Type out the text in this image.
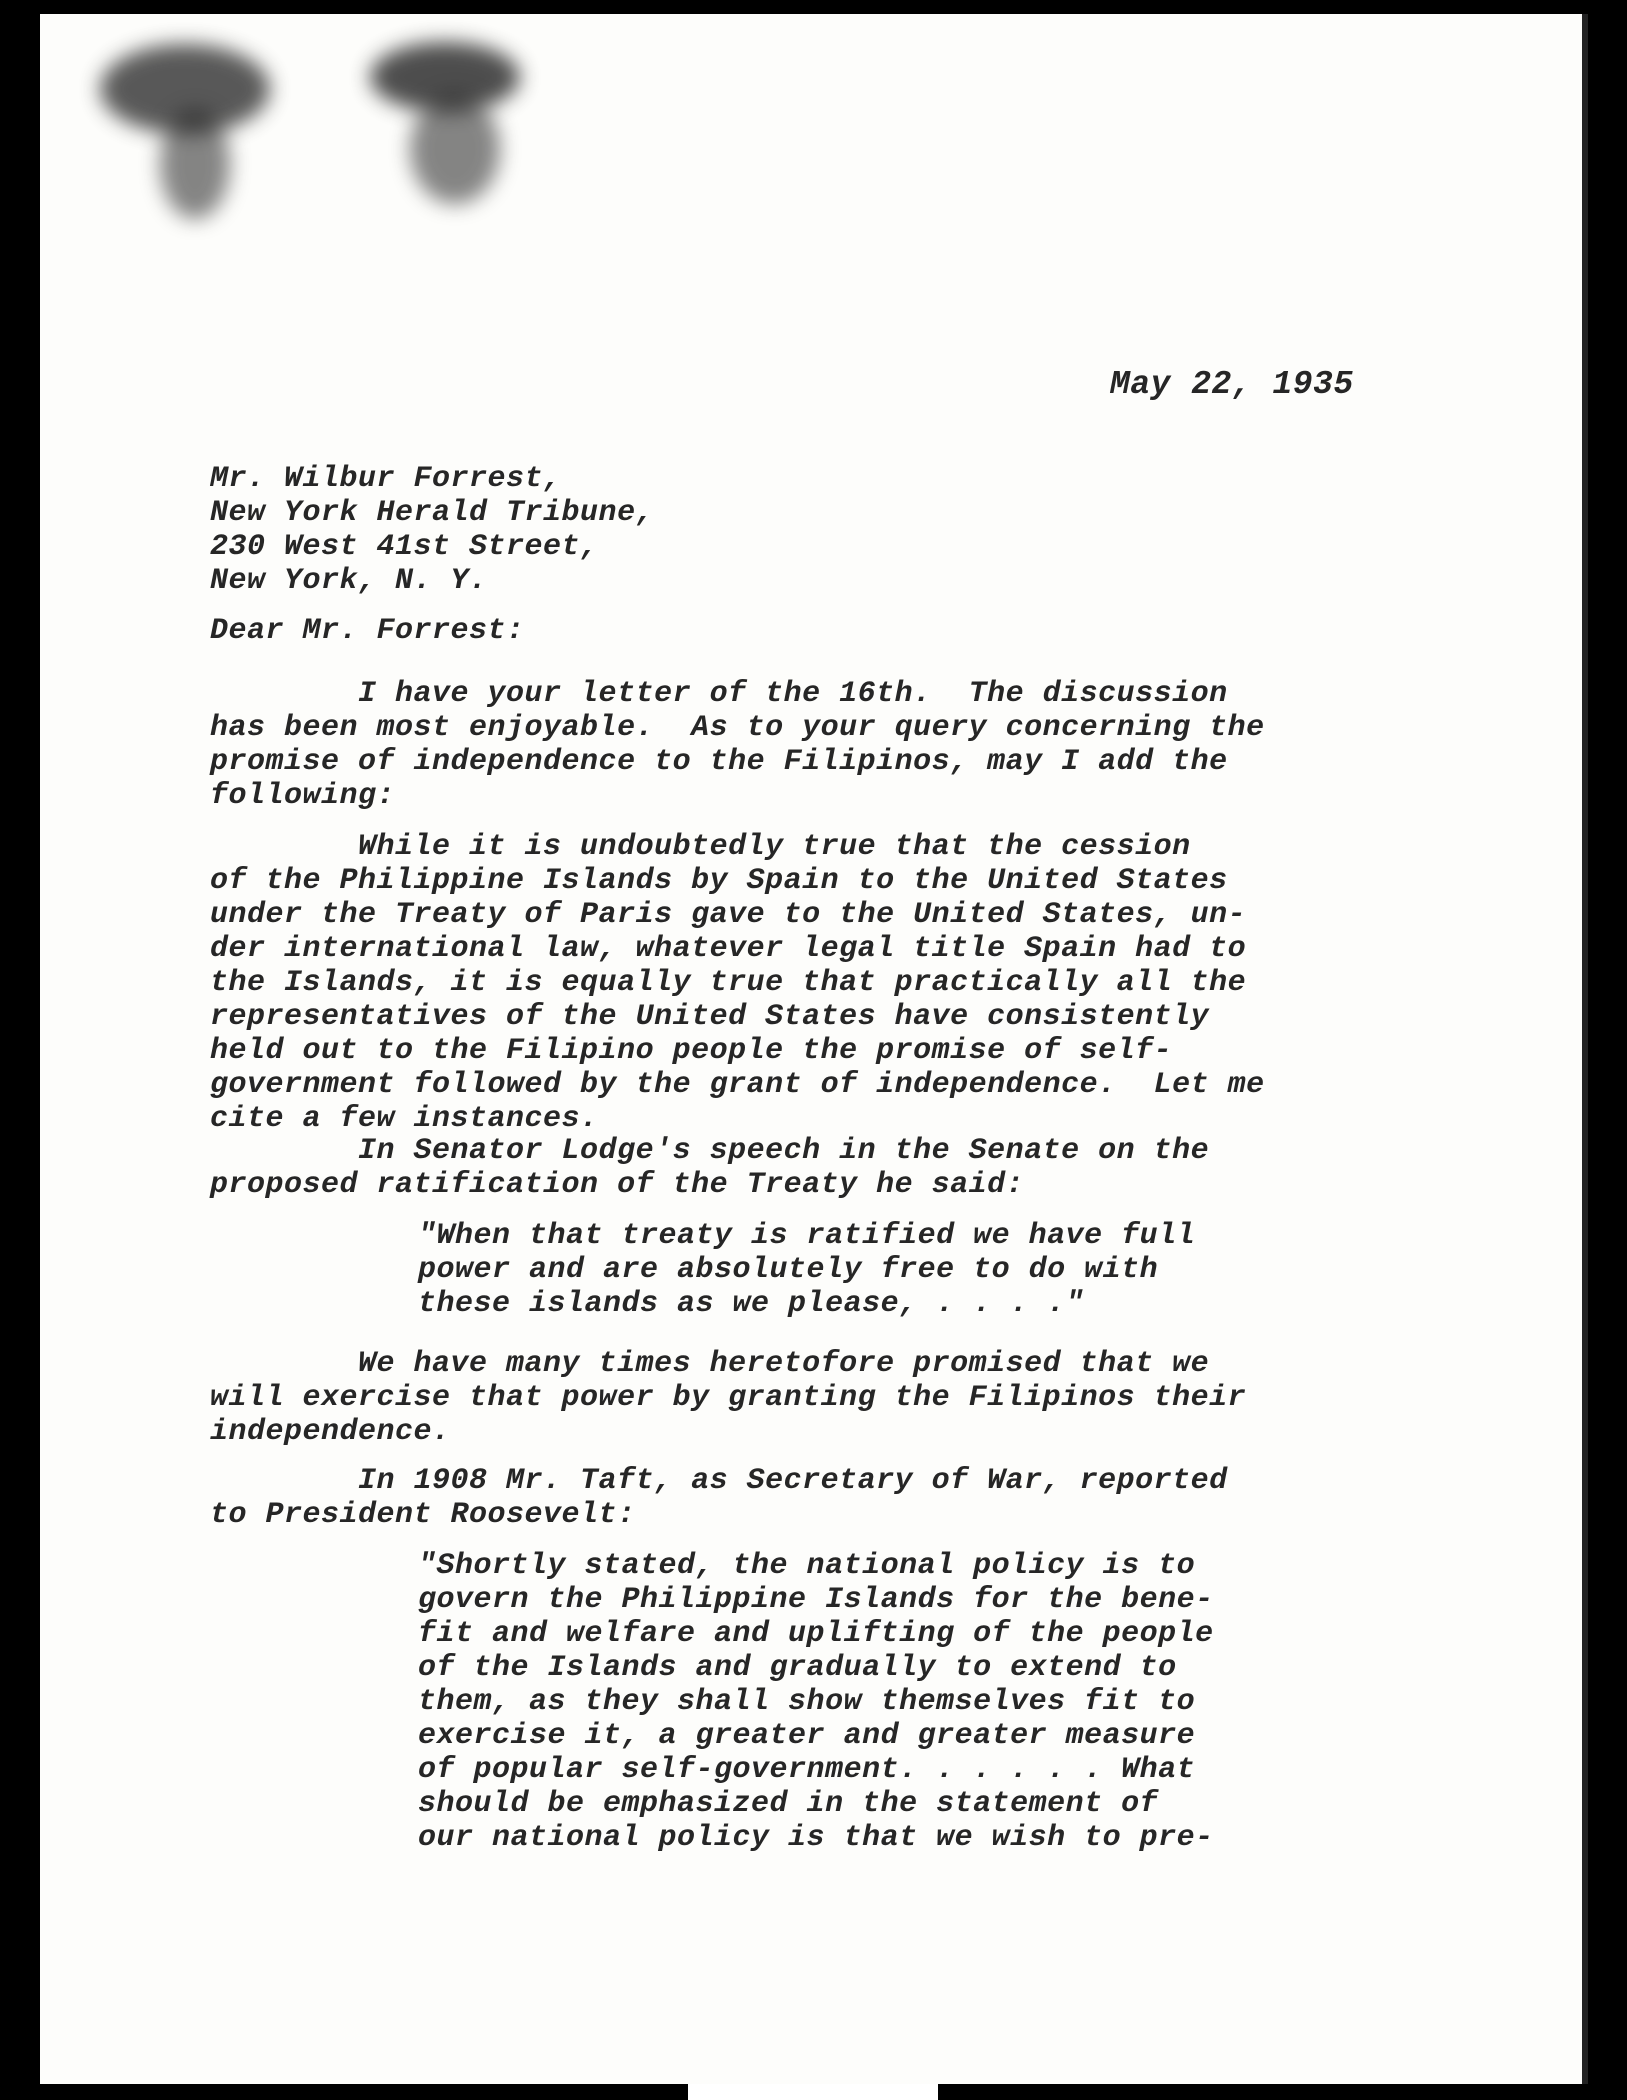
May 22, 1935
Mr. Wilbur Forrest,
New York Herald Tribune,
230 West 41st Street,
New York, N. Y.
Dear Mr. Forrest:
I have your letter of the 16th.  The discussion
has been most enjoyable.  As to your query concerning the
promise of independence to the Filipinos, may I add the
following:
While it is undoubtedly true that the cession
of the Philippine Islands by Spain to the United States
under the Treaty of Paris gave to the United States, un-
der international law, whatever legal title Spain had to
the Islands, it is equally true that practically all the
representatives of the United States have consistently
held out to the Filipino people the promise of self-
government followed by the grant of independence.  Let me
cite a few instances.
In Senator Lodge's speech in the Senate on the
proposed ratification of the Treaty he said:
"When that treaty is ratified we have full
power and are absolutely free to do with
these islands as we please, . . . ."
We have many times heretofore promised that we
will exercise that power by granting the Filipinos their
independence.
In 1908 Mr. Taft, as Secretary of War, reported
to President Roosevelt:
"Shortly stated, the national policy is to
govern the Philippine Islands for the bene-
fit and welfare and uplifting of the people
of the Islands and gradually to extend to
them, as they shall show themselves fit to
exercise it, a greater and greater measure
of popular self-government. . . . . . What
should be emphasized in the statement of
our national policy is that we wish to pre-
